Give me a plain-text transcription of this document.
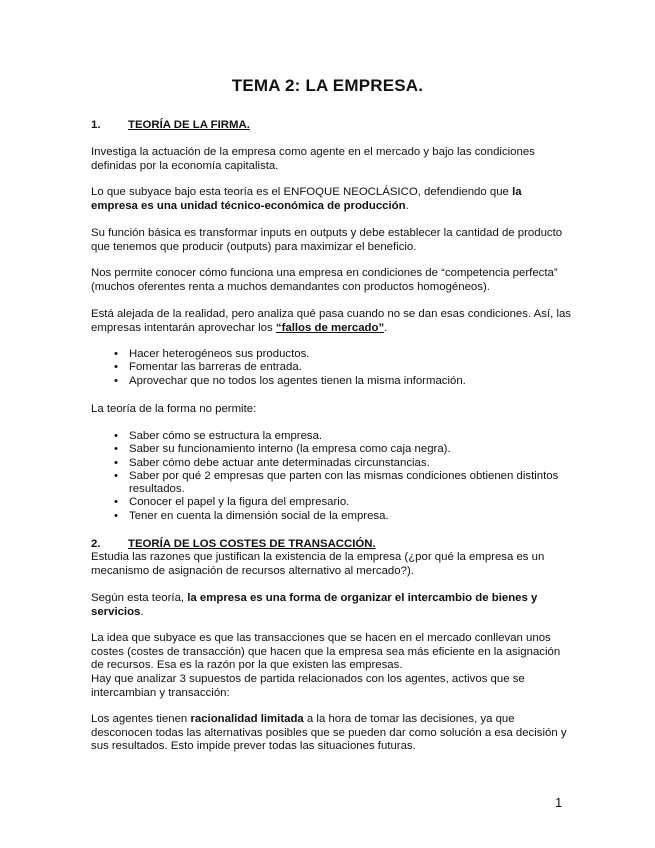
TEMA 2: LA EMPRESA.
1. TEORÍA DE LA FIRMA.

Investiga la actuación de la empresa como agente en el mercado y bajo las condiciones definidas por la economía capitalista.

Lo que subyace bajo esta teoría es el ENFOQUE NEOCLÁSICO, defendiendo que la empresa es una unidad técnico-económica de producción.

Su función básica es transformar inputs en outputs y debe establecer la cantidad de producto que tenemos que producir (outputs) para maximizar el beneficio.

Nos permite conocer cómo funciona una empresa en condiciones de “competencia perfecta” (muchos oferentes renta a muchos demandantes con productos homogéneos).

Está alejada de la realidad, pero analiza qué pasa cuando no se dan esas condiciones. Así, las empresas intentarán aprovechar los “fallos de mercado”.

• Hacer heterogéneos sus productos.
• Fomentar las barreras de entrada.
• Aprovechar que no todos los agentes tienen la misma información.

La teoría de la forma no permite:

• Saber cómo se estructura la empresa.
• Saber su funcionamiento interno (la empresa como caja negra).
• Saber cómo debe actuar ante determinadas circunstancias.
• Saber por qué 2 empresas que parten con las mismas condiciones obtienen distintos resultados.
• Conocer el papel y la figura del empresario.
• Tener en cuenta la dimensión social de la empresa.
2. TEORÍA DE LOS COSTES DE TRANSACCIÓN.

Estudia las razones que justifican la existencia de la empresa (¿por qué la empresa es un mecanismo de asignación de recursos alternativo al mercado?).

Según esta teoría, la empresa es una forma de organizar el intercambio de bienes y servicios.

La idea que subyace es que las transacciones que se hacen en el mercado conllevan unos costes (costes de transacción) que hacen que la empresa sea más eficiente en la asignación de recursos. Esa es la razón por la que existen las empresas.

Hay que analizar 3 supuestos de partida relacionados con los agentes, activos que se intercambian y transacción:

Los agentes tienen racionalidad limitada a la hora de tomar las decisiones, ya que desconocen todas las alternativas posibles que se pueden dar como solución a esa decisión y sus resultados. Esto impide prever todas las situaciones futuras.

1
